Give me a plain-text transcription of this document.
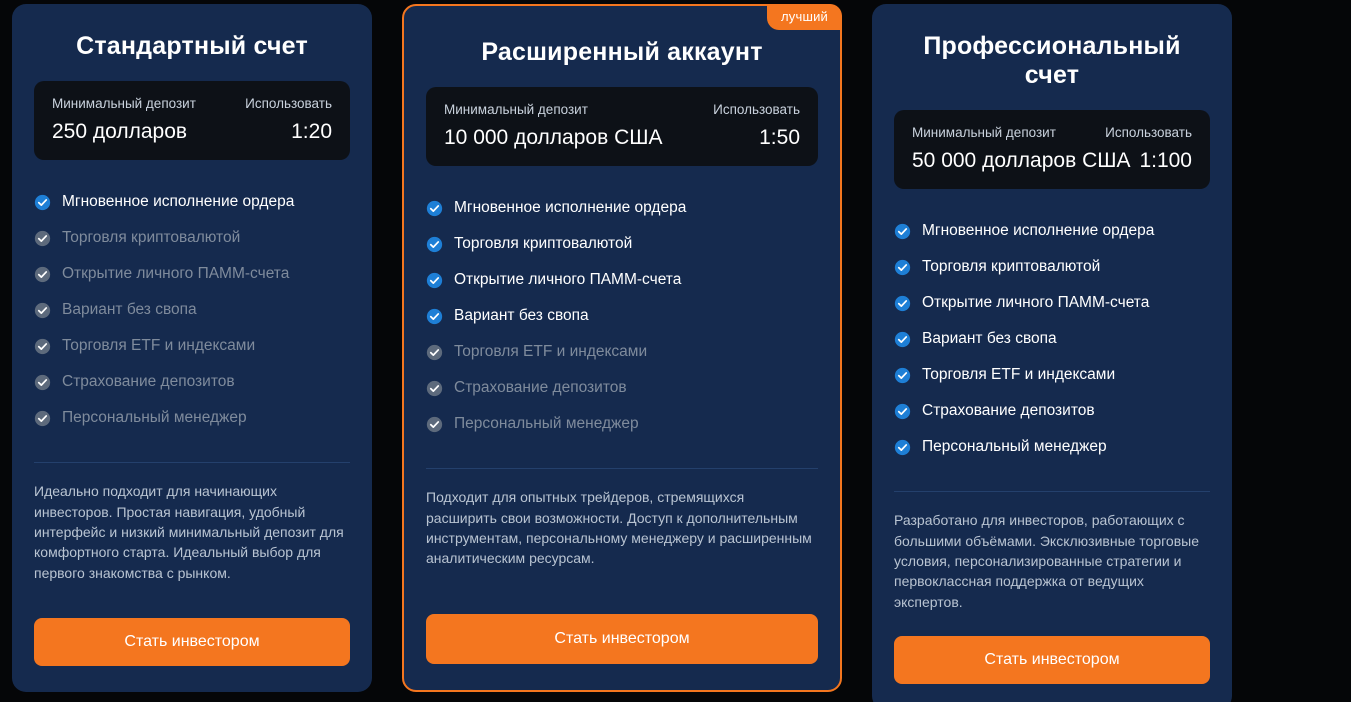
Стандартный счет
Минимальный депозит
250 долларов
Использовать
1:20
Мгновенное исполнение ордера
Торговля криптовалютой
Открытие личного ПАММ-счета
Вариант без свопа
Торговля ETF и индексами
Страхование депозитов
Персональный менеджер
Идеально подходит для начинающих инвесторов. Простая навигация, удобный интерфейс и низкий минимальный депозит для комфортного старта. Идеальный выбор для первого знакомства с рынком.
Стать инвестором
лучший
Расширенный аккаунт
Минимальный депозит
10 000 долларов США
Использовать
1:50
Мгновенное исполнение ордера
Торговля криптовалютой
Открытие личного ПАММ-счета
Вариант без свопа
Торговля ETF и индексами
Страхование депозитов
Персональный менеджер
Подходит для опытных трейдеров, стремящихся расширить свои возможности. Доступ к дополнительным инструментам, персональному менеджеру и расширенным аналитическим ресурсам.
Стать инвестором
Профессиональный счет
Минимальный депозит
50 000 долларов США
Использовать
1:100
Мгновенное исполнение ордера
Торговля криптовалютой
Открытие личного ПАММ-счета
Вариант без свопа
Торговля ETF и индексами
Страхование депозитов
Персональный менеджер
Разработано для инвесторов, работающих с большими объёмами. Эксклюзивные торговые условия, персонализированные стратегии и первоклассная поддержка от ведущих экспертов.
Стать инвестором
